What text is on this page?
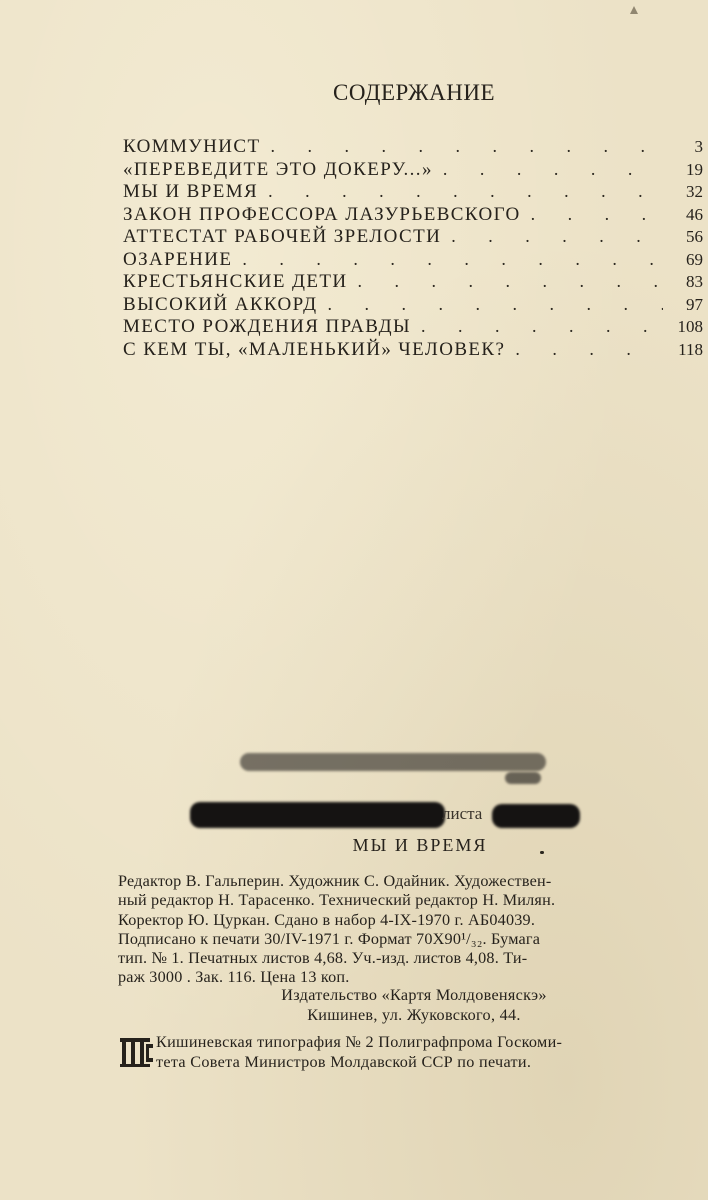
СОДЕРЖАНИЕ
КОММУНИСТ . . .	3
«ПЕРЕВЕДИТЕ ЭТО ДОКЕРУ...» . . .	19
МЫ И ВРЕМЯ . . .	32
ЗАКОН ПРОФЕССОРА ЛАЗУРЬЕВСКОГО . . .	46
АТТЕСТАТ РАБОЧЕЙ ЗРЕЛОСТИ . . .	56
ОЗАРЕНИЕ . . .	69
КРЕСТЬЯНСКИЕ ДЕТИ . . .	83
ВЫСОКИЙ АККОРД . . .	97
МЕСТО РОЖДЕНИЯ ПРАВДЫ . . .	108
С КЕМ ТЫ, «МАЛЕНЬКИЙ» ЧЕЛОВЕК? . . .	118
листа
МЫ И ВРЕМЯ
Редактор В. Гальперин. Художник С. Одайник. Художествен-
ный редактор Н. Тарасенко. Технический редактор Н. Милян.
Коректор Ю. Цуркан. Сдано в набор 4-IX-1970 г. АБ04039.
Подписано к печати 30/IV-1971 г. Формат 70Х90¹/₃₂. Бумага
тип. № 1. Печатных листов 4,68. Уч.-изд. листов 4,08. Ти-
раж 3000 . Зак. 116. Цена 13 коп.
Издательство «Картя Молдовеняскэ»
Кишинев, ул. Жуковского, 44.
Кишиневская типография № 2 Полиграфпрома Госкоми-
тета Совета Министров Молдавской ССР по печати.
